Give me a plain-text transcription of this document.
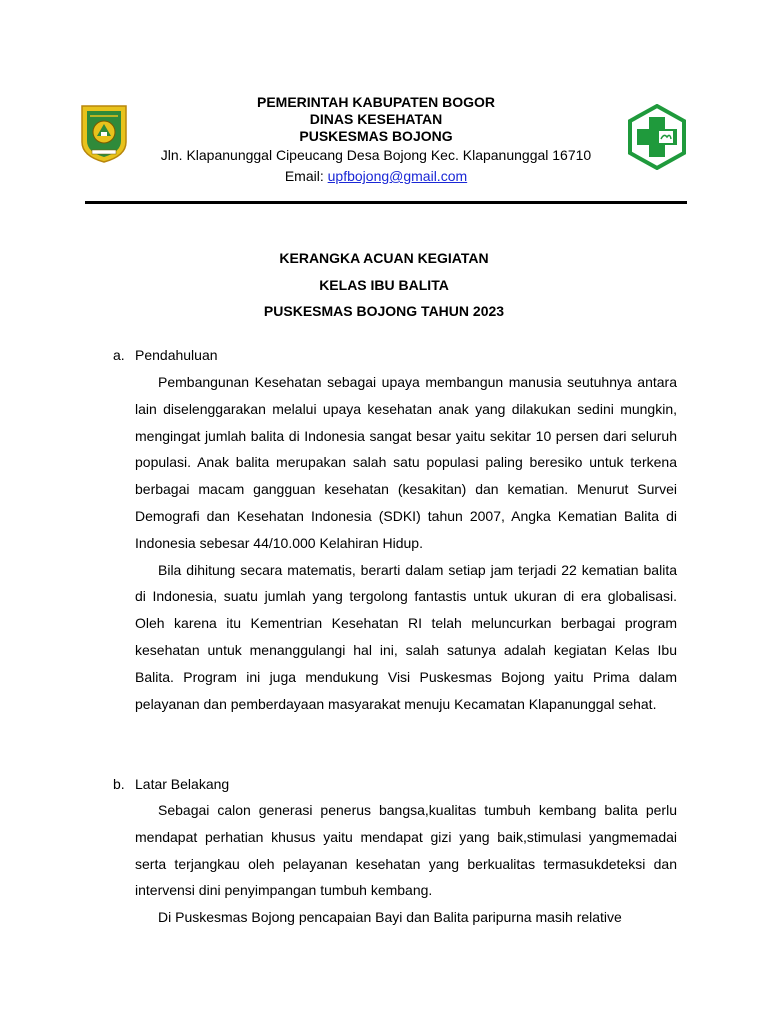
PEMERINTAH KABUPATEN BOGOR
DINAS KESEHATAN
PUSKESMAS BOJONG
Jln. Klapanunggal Cipeucang Desa Bojong Kec. Klapanunggal 16710
Email: upfbojong@gmail.com
KERANGKA ACUAN KEGIATAN
KELAS IBU BALITA
PUSKESMAS BOJONG TAHUN 2023
a. Pendahuluan

Pembangunan Kesehatan sebagai upaya membangun manusia seutuhnya antara lain diselenggarakan melalui upaya kesehatan anak yang dilakukan sedini mungkin, mengingat jumlah balita di Indonesia sangat besar yaitu sekitar 10 persen dari seluruh populasi. Anak balita merupakan salah satu populasi paling beresiko untuk terkena berbagai macam gangguan kesehatan (kesakitan) dan kematian. Menurut Survei Demografi dan Kesehatan Indonesia (SDKI) tahun 2007, Angka Kematian Balita di Indonesia sebesar 44/10.000 Kelahiran Hidup.

Bila dihitung secara matematis, berarti dalam setiap jam terjadi 22 kematian balita di Indonesia, suatu jumlah yang tergolong fantastis untuk ukuran di era globalisasi. Oleh karena itu Kementrian Kesehatan RI telah meluncurkan berbagai program kesehatan untuk menanggulangi hal ini, salah satunya adalah kegiatan Kelas Ibu Balita. Program ini juga mendukung Visi Puskesmas Bojong yaitu Prima dalam pelayanan dan pemberdayaan masyarakat menuju Kecamatan Klapanunggal sehat.

b. Latar Belakang

Sebagai calon generasi penerus bangsa,kualitas tumbuh kembang balita perlu mendapat perhatian khusus yaitu mendapat gizi yang baik,stimulasi yangmemadai serta terjangkau oleh pelayanan kesehatan yang berkualitas termasukdeteksi dan intervensi dini penyimpangan tumbuh kembang.

Di Puskesmas Bojong pencapaian Bayi dan Balita paripurna masih relative
